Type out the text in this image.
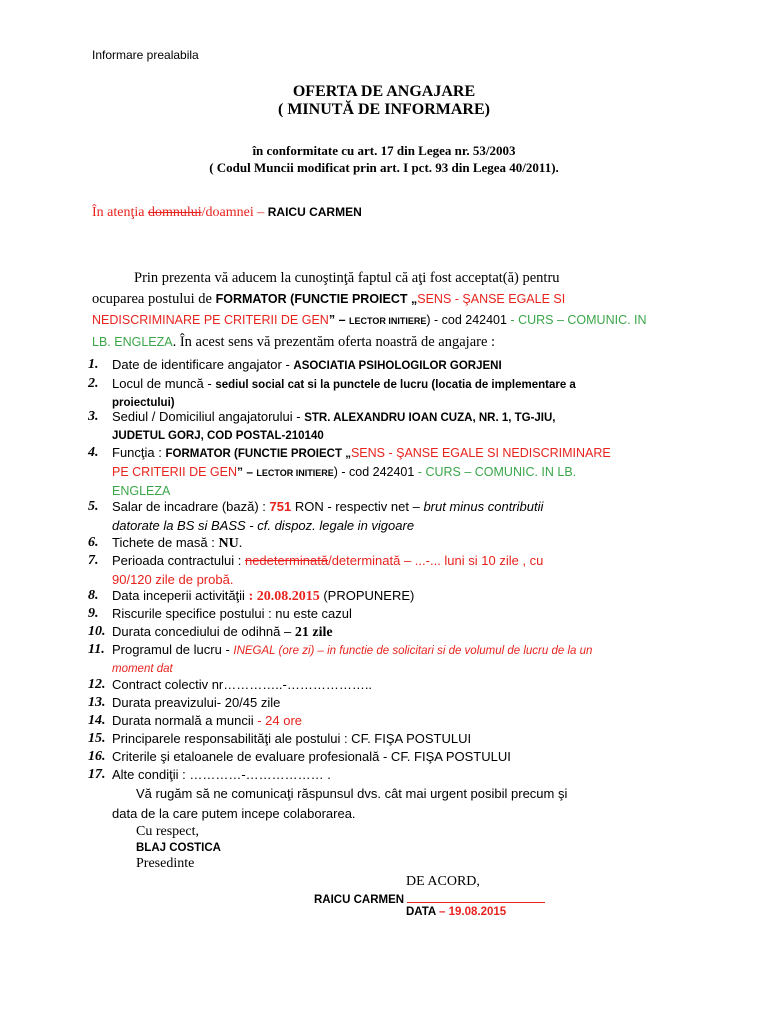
Informare prealabila
OFERTA DE ANGAJARE
( MINUTĂ DE INFORMARE)
în conformitate cu art. 17 din Legea nr. 53/2003
( Codul Muncii modificat prin art. I pct. 93 din Legea 40/2011).
În atenţia domnului/doamnei – RAICU CARMEN
Prin prezenta vă aducem la cunoştinţă faptul că aţi fost acceptat(ă) pentru
ocuparea postului de FORMATOR (FUNCTIE PROIECT „SENS - ŞANSE EGALE SI
NEDISCRIMINARE PE CRITERII DE GEN” – LECTOR INITIERE) - cod 242401 - CURS – COMUNIC. IN
LB. ENGLEZA. În acest sens vă prezentăm oferta noastră de angajare :
1.	Date de identificare angajator - ASOCIATIA PSIHOLOGILOR GORJENI
2.	Locul de muncă - sediul social cat si la punctele de lucru (locatia de implementare a
proiectului)
3.	Sediul / Domiciliul angajatorului - STR. ALEXANDRU IOAN CUZA, NR. 1, TG-JIU,
JUDETUL GORJ, COD POSTAL-210140
4.	Funcţia : FORMATOR (FUNCTIE PROIECT „SENS - ŞANSE EGALE SI NEDISCRIMINARE
PE CRITERII DE GEN” – LECTOR INITIERE) - cod 242401 - CURS – COMUNIC. IN LB.
ENGLEZA
5.	Salar de incadrare (bază) : 751 RON - respectiv net – brut minus contributii
datorate la BS si BASS - cf. dispoz. legale in vigoare
6.	Tichete de masă : NU.
7.	Perioada contractului : nedeterminată/determinată – ...-... luni si 10 zile , cu
90/120 zile de probă.
8.	Data inceperii activităţii : 20.08.2015 (PROPUNERE)
9.	Riscurile specifice postului : nu este cazul
10. Durata concediului de odihnă – 21 zile
11. Programul de lucru - INEGAL (ore zi) – in functie de solicitari si de volumul de lucru de la un
moment dat
12. Contract colectiv nr…………..-………………..
13. Durata preavizului- 20/45 zile
14. Durata normală a muncii - 24 ore
15. Principarele responsabilităţi ale postului : CF. FIŞA POSTULUI
16. Criterile şi etaloanele de evaluare profesională - CF. FIŞA POSTULUI
17. Alte condiţii : …………-……………… .
Vă rugăm să ne comunicaţi răspunsul dvs. cât mai urgent posibil precum şi
data de la care putem incepe colaborarea.
Cu respect,
BLAJ COSTICA
Presedinte
DE ACORD,
RAICU CARMEN
DATA – 19.08.2015
